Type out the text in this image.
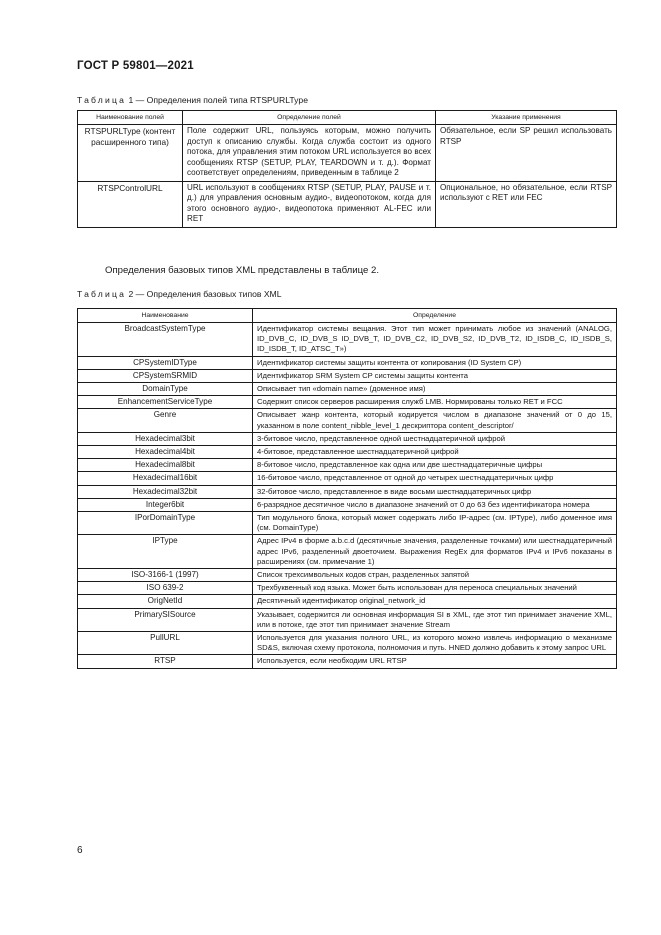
ГОСТ Р 59801—2021
Таблица 1 — Определения полей типа RTSPURLType
Наименование полей	Определение полей	Указание применения
RTSPURLType (контент расширенного типа)	Поле содержит URL, пользуясь которым, можно получить доступ к описанию службы. Когда служба состоит из одного потока, для управления этим потоком URL используется во всех сообщениях RTSP (SETUP, PLAY, TEARDOWN и т. д.). Формат соответствует определениям, приведенным в таблице 2	Обязательное, если SP решил использовать RTSP
RTSPControlURL	URL используют в сообщениях RTSP (SETUP, PLAY, PAUSE и т. д.) для управления основным аудио-, видеопотоком, когда для этого основного аудио-, видеопотока применяют AL-FEC или RET	Опциональное, но обязательное, если RTSP используют с RET или FEC
Определения базовых типов XML представлены в таблице 2.
Таблица 2 — Определения базовых типов XML
Наименование	Определение
BroadcastSystemType	Идентификатор системы вещания. Этот тип может принимать любое из значений (ANALOG, ID_DVB_C, ID_DVB_S ID_DVB_T, ID_DVB_C2, ID_DVB_S2, ID_DVB_T2, ID_ISDB_C, ID_ISDB_S, ID_ISDB_T, ID_ATSC_T»)
CPSystemIDType	Идентификатор системы защиты контента от копирования (ID System CP)
CPSystemSRMID	Идентификатор SRM System CP системы защиты контента
DomainType	Описывает тип «domain name» (доменное имя)
EnhancementServiceType	Содержит список серверов расширения служб LMB. Нормированы только RET и FCC
Genre	Описывает жанр контента, который кодируется числом в диапазоне значений от 0 до 15, указанном в поле content_nibble_level_1 дескриптора content_descriptor/
Hexadecimal3bit	3-битовое число, представленное одной шестнадцатеричной цифрой
Hexadecimal4bit	4-битовое, представленное шестнадцатеричной цифрой
Hexadecimal8bit	8-битовое число, представленное как одна или две шестнадцатеричные цифры
Hexadecimal16bit	16-битовое число, представленное от одной до четырех шестнадцатеричных цифр
Hexadecimal32bit	32-битовое число, представленное в виде восьми шестнадцатеричных цифр
Integer6bit	6-разрядное десятичное число в диапазоне значений от 0 до 63 без идентификатора номера
IPorDomainType	Тип модульного блока, который может содержать либо IP-адрес (см. IPType), либо доменное имя (см. DomainType)
IPType	Адрес IPv4 в форме a.b.c.d (десятичные значения, разделенные точками) или шестнадцатеричный адрес IPv6, разделенный двоеточием. Выражения RegEx для форматов IPv4 и IPv6 показаны в расширениях (см. примечание 1)
ISO-3166-1 (1997)	Список трехсимвольных кодов стран, разделенных запятой
ISO 639-2	Трехбуквенный код языка. Может быть использован для переноса специальных значений
OrigNetId	Десятичный идентификатор original_network_id
PrimarySISource	Указывает, содержится ли основная информация SI в XML, где этот тип принимает значение XML, или в потоке, где этот тип принимает значение Stream
PullURL	Используется для указания полного URL, из которого можно извлечь информацию о механизме SD&S, включая схему протокола, полномочия и путь. HNED должно добавить к этому запрос URL
RTSP	Используется, если необходим URL RTSP
6
